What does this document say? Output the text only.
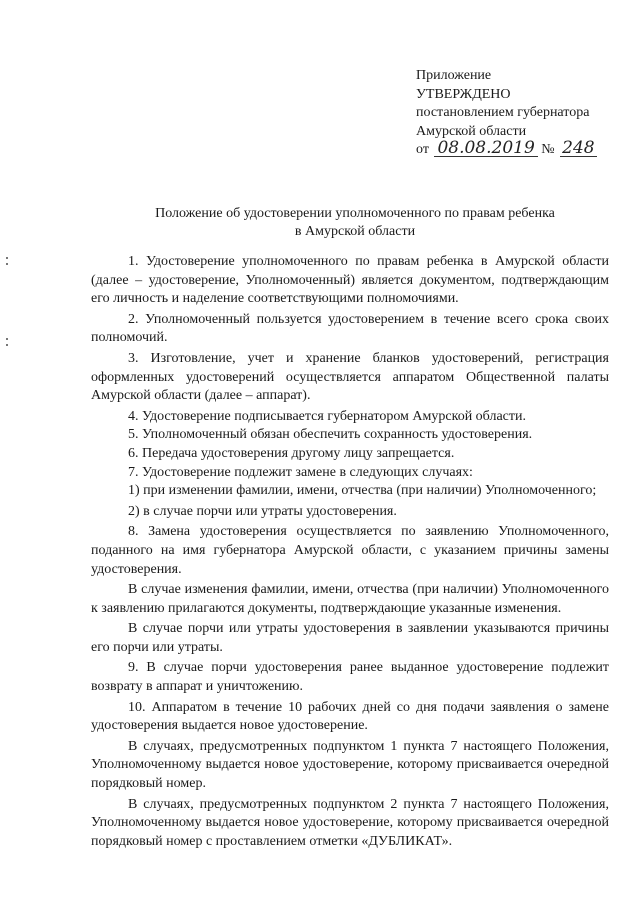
Приложение
УТВЕРЖДЕНО
постановлением губернатора
Амурской области
от 08.08.2019 № 248
Положение об удостоверении уполномоченного по правам ребенка
в Амурской области

1. Удостоверение уполномоченного по правам ребенка в Амурской области (далее – удостоверение, Уполномоченный) является документом, подтверждающим его личность и наделение соответствующими полномочиями.

2. Уполномоченный пользуется удостоверением в течение всего срока своих полномочий.

3. Изготовление, учет и хранение бланков удостоверений, регистрация оформленных удостоверений осуществляется аппаратом Общественной палаты Амурской области (далее – аппарат).

4. Удостоверение подписывается губернатором Амурской области.

5. Уполномоченный обязан обеспечить сохранность удостоверения.

6. Передача удостоверения другому лицу запрещается.

7. Удостоверение подлежит замене в следующих случаях:

1) при изменении фамилии, имени, отчества (при наличии) Уполномоченного;

2) в случае порчи или утраты удостоверения.

8. Замена удостоверения осуществляется по заявлению Уполномоченного, поданного на имя губернатора Амурской области, с указанием причины замены удостоверения.

В случае изменения фамилии, имени, отчества (при наличии) Уполномоченного к заявлению прилагаются документы, подтверждающие указанные изменения.

В случае порчи или утраты удостоверения в заявлении указываются причины его порчи или утраты.

9. В случае порчи удостоверения ранее выданное удостоверение подлежит возврату в аппарат и уничтожению.

10. Аппаратом в течение 10 рабочих дней со дня подачи заявления о замене удостоверения выдается новое удостоверение.

В случаях, предусмотренных подпунктом 1 пункта 7 настоящего Положения, Уполномоченному выдается новое удостоверение, которому присваивается очередной порядковый номер.

В случаях, предусмотренных подпунктом 2 пункта 7 настоящего Положения, Уполномоченному выдается новое удостоверение, которому присваивается очередной порядковый номер с проставлением отметки «ДУБЛИКАТ».
